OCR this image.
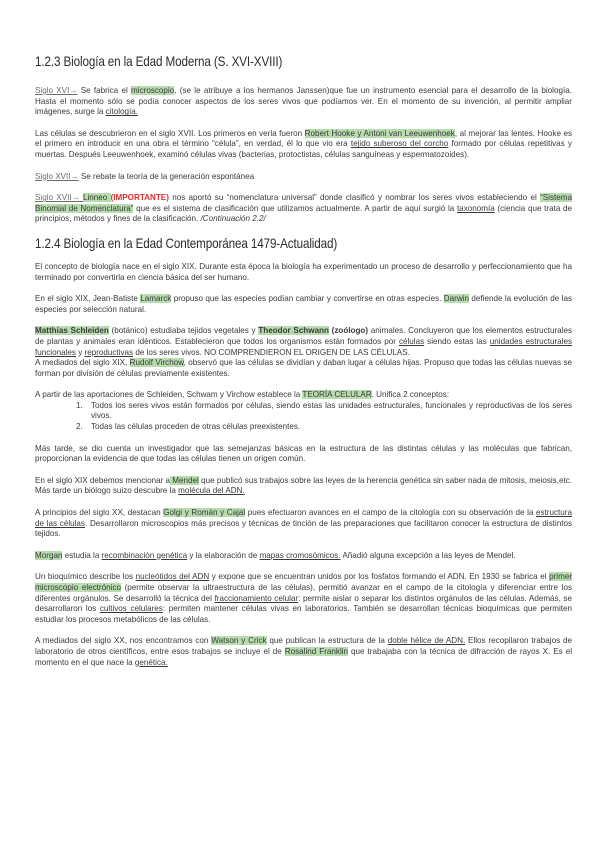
1.2.3 Biología en la Edad Moderna (S. XVI-XVIII)

Siglo XVI→ Se fabrica el microscopio, (se le atribuye a los hermanos Janssen)que fue un instrumento esencial para el desarrollo de la biología. Hasta el momento sólo se podía conocer aspectos de los seres vivos que podíamos ver. En el momento de su invención, al permitir ampliar imágenes, surge la citología.

Las células se descubrieron en el siglo XVII. Los primeros en verla fueron Robert Hooke y Antoni van Leeuwenhoek, al mejorar las lentes. Hooke es el primero en introducir en una obra el término “célula”, en verdad, él lo que vio era tejido suberoso del corcho formado por células repetitivas y muertas. Después Leeuwenhoek, examinó células vivas (bacterias, protoctistas, células sanguíneas y espermatozoides).

Siglo XVII→ Se rebate la teoría de la generación espontánea

Siglo XVII→ Linneo (IMPORTANTE) nos aportó su “nomenclatura universal” donde clasificó y nombrar los seres vivos estableciendo el “Sistema Binomial de Nomenclatura” que es el sistema de clasificación que utilizamos actualmente. A partir de aquí surgió la taxonomía (ciencia que trata de principios, métodos y fines de la clasificación. /Continuación 2.2/

1.2.4 Biología en la Edad Contemporánea 1479-Actualidad)

El concepto de biología nace en el siglo XIX. Durante esta época la biología ha experimentado un proceso de desarrollo y perfeccionamiento que ha terminado por convertirla en ciencia básica del ser humano.

En el siglo XIX, Jean-Batiste Lamarck propuso que las especies podían cambiar y convertirse en otras especies. Darwin defiende la evolución de las especies por selección natural.

Matthias Schleiden (botánico) estudiaba tejidos vegetales y Theodor Schwann (zoólogo) animales. Concluyeron que los elementos estructurales de plantas y animales eran idénticos. Establecieron que todos los organismos están formados por células siendo estas las unidades estructurales funcionales y reproductivas de los seres vivos. NO COMPRENDIERON EL ORIGEN DE LAS CÉLULAS.

A mediados del siglo XIX, Rudolf Virchow, observó que las células se dividían y daban lugar a células hijas. Propuso que todas las células nuevas se forman por división de células previamente existentes.

A partir de las aportaciones de Schleiden, Schwam y Virchow establece la TEORÍA CELULAR. Unifica 2 conceptos:

1. Todos los seres vivos están formados por células, siendo estas las unidades estructurales, funcionales y reproductivas de los seres vivos.
2. Todas las células proceden de otras células preexistentes.

Más tarde, se dio cuenta un investigador que las semejanzas básicas en la estructura de las distintas células y las moléculas que fabrican, proporcionan la evidencia de que todas las células tienen un origen común.

En el siglo XIX debemos mencionar a Mendel que publicó sus trabajos sobre las leyes de la herencia genética sin saber nada de mitosis, meiosis,etc. Más tarde un biólogo suizo descubre la molécula del ADN.

A principios del siglo XX, destacan Golgi y Román y Cajal pues efectuaron avances en el campo de la citología con su observación de la estructura de las células. Desarrollaron microscopios más precisos y técnicas de tinción de las preparaciones que facilitaron conocer la estructura de distintos tejidos.

Morgan estudia la recombinación genética y la elaboración de mapas cromosómicos. Añadió alguna excepción a las leyes de Mendel.

Un bioquímico describe los nucleótidos del ADN y expone que se encuentran unidos por los fosfatos formando el ADN. En 1930 se fabrica el primer microscopio electrónico (permite observar la ultraestructura de las células), permitió avanzar en el campo de la citología y diferenciar entre los diferentes orgánulos. Se desarrolló la técnica del fraccionamiento celular: permite aislar o separar los distintos orgánulos de las células. Además, se desarrollaron los cultivos celulares: permiten mantener células vivas en laboratorios. También se desarrollan técnicas bioquímicas que permiten estudiar los procesos metabólicos de las células.

A mediados del siglo XX, nos encontramos con Watson y Crick que publican la estructura de la doble hélice de ADN. Ellos recopilaron trabajos de laboratorio de otros científicos, entre esos trabajos se incluye el de Rosalind Franklin que trabajaba con la técnica de difracción de rayos X. Es el momento en el que nace la genética.
